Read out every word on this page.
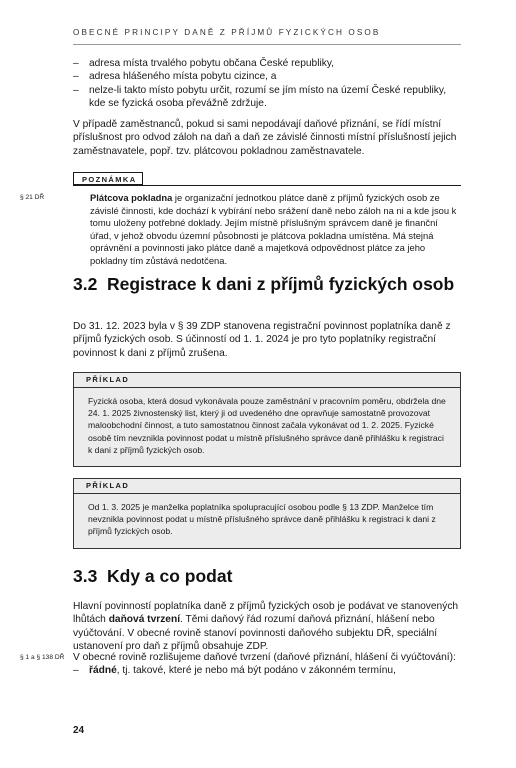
OBECNÉ PRINCIPY DANĚ Z PŘÍJMŮ FYZICKÝCH OSOB
– adresa místa trvalého pobytu občana České republiky,
– adresa hlášeného místa pobytu cizince, a
– nelze-li takto místo pobytu určit, rozumí se jím místo na území České republiky, kde se fyzická osoba převážně zdržuje.

V případě zaměstnanců, pokud si sami nepodávají daňové přiznání, se řídí místní příslušnost pro odvod záloh na daň a daň ze závislé činnosti místní příslušností jejich zaměstnavatele, popř. tzv. plátcovou pokladnou zaměstnavatele.

POZNÁMKA
§ 21 DŘ	Plátcova pokladna je organizační jednotkou plátce daně z příjmů fyzických osob ze závislé činnosti, kde dochází k vybírání nebo srážení daně nebo záloh na ni a kde jsou k tomu uloženy potřebné doklady. Jejím místně příslušným správcem daně je finanční úřad, v jehož obvodu územní působnosti je plátcova pokladna umístěna. Má stejná oprávnění a povinnosti jako plátce daně a majetková odpovědnost plátce za jeho pokladny tím zůstává nedotčena.

3.2 Registrace k dani z příjmů fyzických osob

Do 31. 12. 2023 byla v § 39 ZDP stanovena registrační povinnost poplatníka daně z příjmů fyzických osob. S účinností od 1. 1. 2024 je pro tyto poplatníky registrační povinnost k dani z příjmů zrušena.

PŘÍKLAD
Fyzická osoba, která dosud vykonávala pouze zaměstnání v pracovním poměru, obdržela dne 24. 1. 2025 živnostenský list, který ji od uvedeného dne opravňuje samostatně provozovat maloobchodní činnost, a tuto samostatnou činnost začala vykonávat od 1. 2. 2025. Fyzické osobě tím nevznikla povinnost podat u místně příslušného správce daně přihlášku k registraci k dani z příjmů fyzických osob.
PŘÍKLAD
Od 1. 3. 2025 je manželka poplatníka spolupracující osobou podle § 13 ZDP. Manželce tím nevznikla povinnost podat u místně příslušného správce daně přihlášku k registraci k dani z příjmů fyzických osob.
3.3 Kdy a co podat

Hlavní povinností poplatníka daně z příjmů fyzických osob je podávat ve stanovených lhůtách daňová tvrzení. Těmi daňový řád rozumí daňová přiznání, hlášení nebo vyúčtování. V obecné rovině stanoví povinnosti daňového subjektu DŘ, speciální ustanovení pro daň z příjmů obsahuje ZDP.

§ 1 a § 138 DŘ V obecné rovině rozlišujeme daňové tvrzení (daňové přiznání, hlášení či vyúčtování):

– řádné, tj. takové, které je nebo má být podáno v zákonném termínu,
24
